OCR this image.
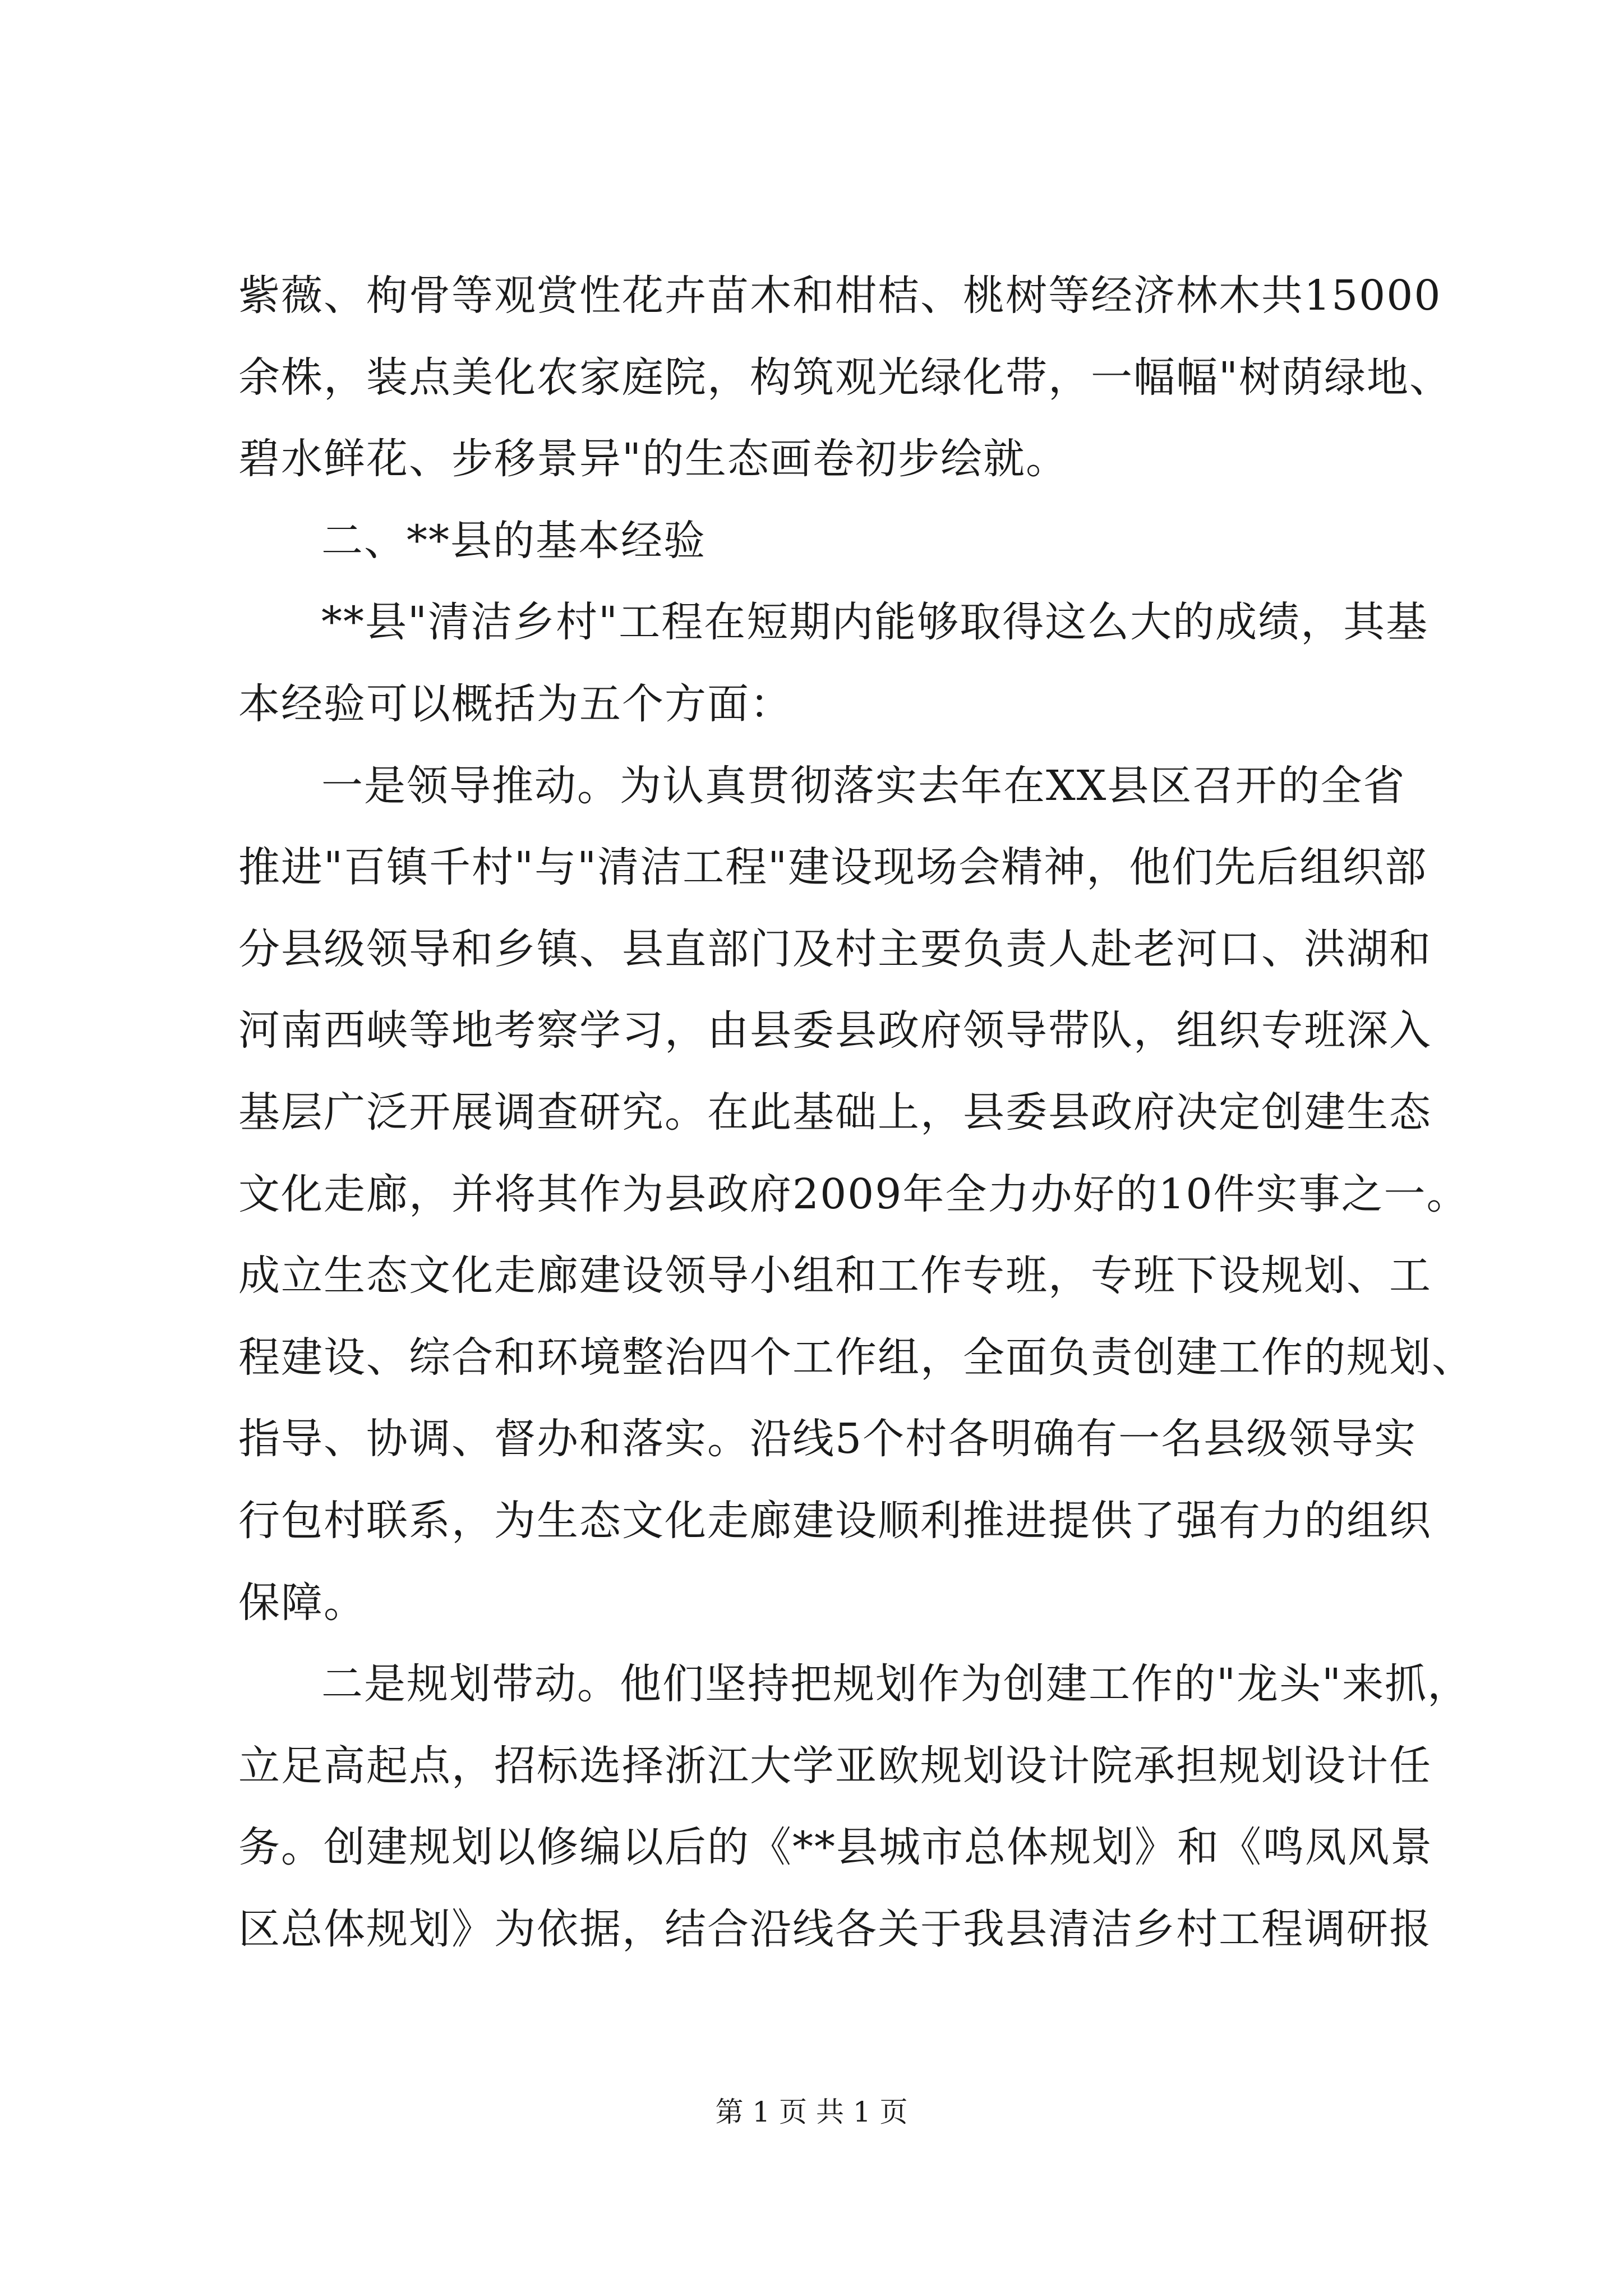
紫薇、枸骨等观赏性花卉苗木和柑桔、桃树等经济林木共15000
余株，装点美化农家庭院，构筑观光绿化带，一幅幅"树荫绿地、
碧水鲜花、步移景异"的生态画卷初步绘就。
二、**县的基本经验
**县"清洁乡村"工程在短期内能够取得这么大的成绩，其基
本经验可以概括为五个方面：
一是领导推动。为认真贯彻落实去年在XX县区召开的全省
推进"百镇千村"与"清洁工程"建设现场会精神，他们先后组织部
分县级领导和乡镇、县直部门及村主要负责人赴老河口、洪湖和
河南西峡等地考察学习，由县委县政府领导带队，组织专班深入
基层广泛开展调查研究。在此基础上，县委县政府决定创建生态
文化走廊，并将其作为县政府2009年全力办好的10件实事之一。
成立生态文化走廊建设领导小组和工作专班，专班下设规划、工
程建设、综合和环境整治四个工作组，全面负责创建工作的规划、
指导、协调、督办和落实。沿线5个村各明确有一名县级领导实
行包村联系，为生态文化走廊建设顺利推进提供了强有力的组织
保障。
二是规划带动。他们坚持把规划作为创建工作的"龙头"来抓，
立足高起点，招标选择浙江大学亚欧规划设计院承担规划设计任
务。创建规划以修编以后的《**县城市总体规划》和《鸣凤风景
区总体规划》为依据，结合沿线各关于我县清洁乡村工程调研报
第 1 页 共 1 页
